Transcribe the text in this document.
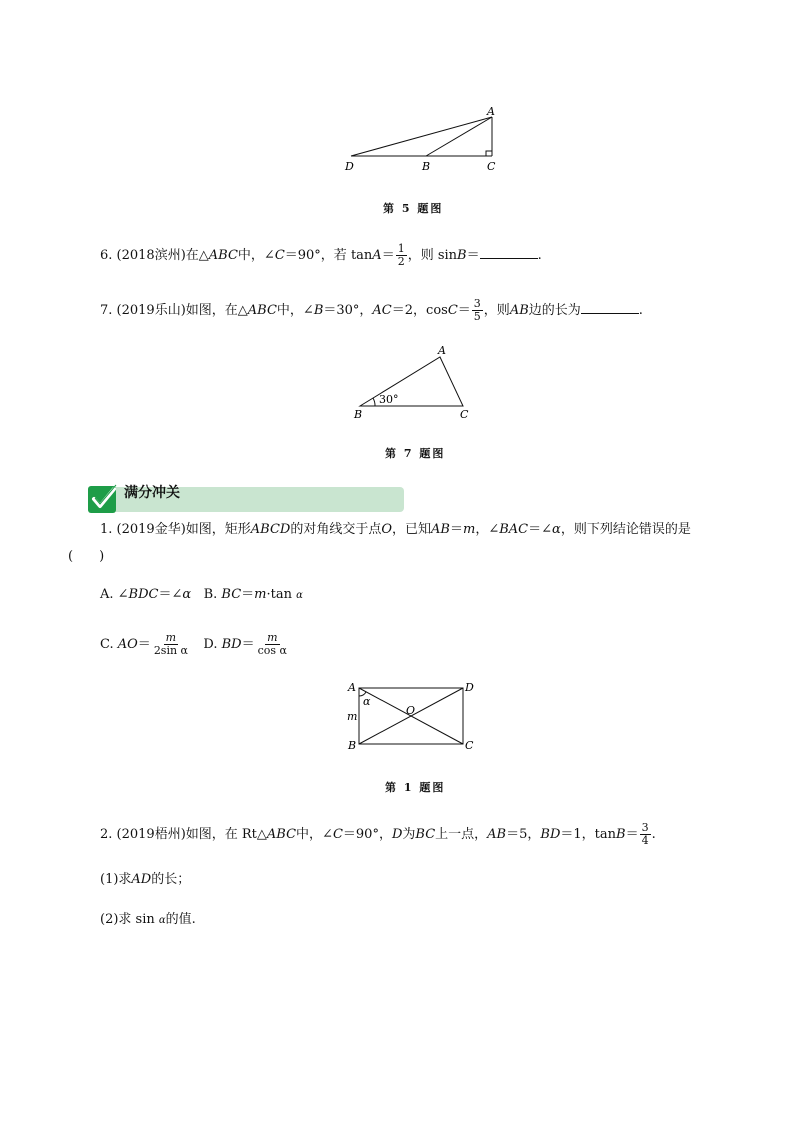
A
D	B	C
第 5 题图
6. (2018滨州)在△ABC中，∠C＝90°，若 $\tan A= \frac{1}{2}$ ，则 sinB＝	.
7. (2019乐山)如图，在△ABC中，∠B＝30°，AC＝2，$\cos C= \frac{3}{5}$ ，则AB边的长为	.
A
B	C
30°
第 7 题图
满分冲关
1. (2019金华)如图，矩形ABCD的对角线交于点O，已知AB＝m，∠BAC＝∠α，则下列结论错误的是
(　　)
A. ∠BDC＝∠α B. BC＝m·tan α
C. $AO= \frac{m}{\text{2sin α}} D$. $BD= \frac{m}{\text{cos α}}$
A	D
B	C
O
m
α
第 1 题图
2. (2019梧州)如图，在 Rt△ABC中，∠C＝90°，D为BC上一点，AB＝5，BD＝1，$\tan B= \frac{3}{4}$ .
(1)求AD的长；
(2)求 sin α的值.
